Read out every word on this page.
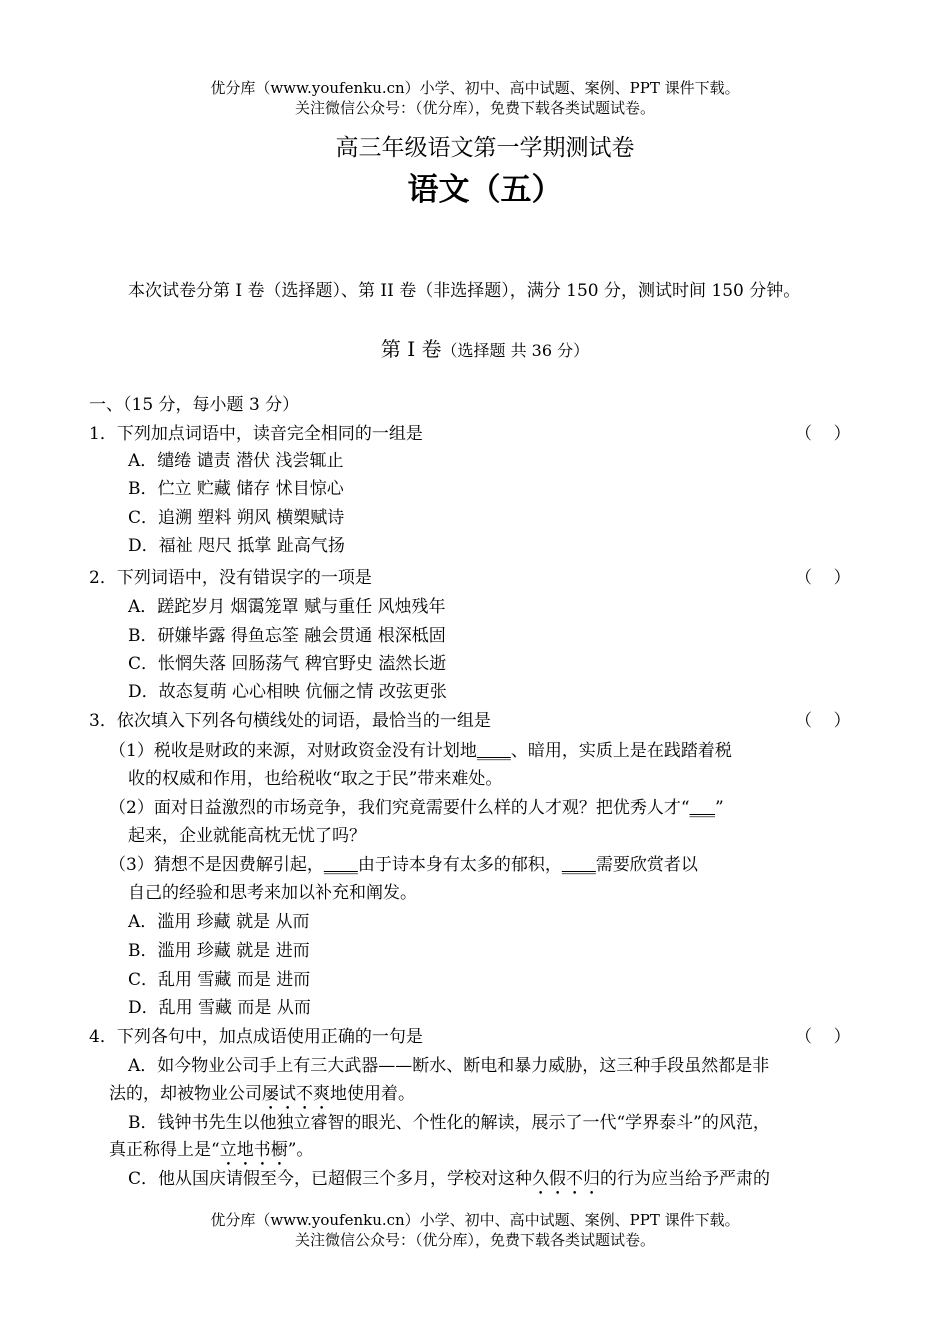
优分库（www.youfenku.cn）小学、初中、高中试题、案例、PPT 课件下载。
关注微信公众号：（优分库），免费下载各类试题试卷。
高三年级语文第一学期测试卷
语文（五）
本次试卷分第 I 卷（选择题）、第 II 卷（非选择题），满分 150 分，测试时间 150 分钟。
第 I 卷（选择题 共 36 分）
一、（15 分，每小题 3 分）
1．下列加点词语中，读音完全相同的一组是	（    ）
A．缱绻 谴责 潜伏 浅尝辄止
B．伫立 贮藏 储存 怵目惊心
C．追溯 塑料 朔风 横槊赋诗
D．福祉 咫尺 抵掌 趾高气扬
2．下列词语中，没有错误字的一项是	（    ）
A．蹉跎岁月 烟霭笼罩 赋与重任 风烛残年
B．研嫌毕露 得鱼忘筌 融会贯通 根深柢固
C．怅惘失落 回肠荡气 稗官野史 溘然长逝
D．故态复萌 心心相映 伉俪之情 改弦更张
3．依次填入下列各句横线处的词语，最恰当的一组是	（    ）
（1）税收是财政的来源，对财政资金没有计划地____、暗用，实质上是在践踏着税
收的权威和作用，也给税收“取之于民”带来难处。
（2）面对日益激烈的市场竞争，我们究竟需要什么样的人才观？把优秀人才“___”
起来，企业就能高枕无忧了吗？
（3）猜想不是因费解引起，____由于诗本身有太多的郁积，____需要欣赏者以
自己的经验和思考来加以补充和阐发。
A．滥用 珍藏 就是 从而
B．滥用 珍藏 就是 进而
C．乱用 雪藏 而是 进而
D．乱用 雪藏 而是 从而
4．下列各句中，加点成语使用正确的一句是	（    ）
A．如今物业公司手上有三大武器——断水、断电和暴力威胁，这三种手段虽然都是非
法的，却被物业公司屡试不爽地使用着。
B．钱钟书先生以他独立睿智的眼光、个性化的解读，展示了一代“学界泰斗”的风范，
真正称得上是“立地书橱”。
C．他从国庆请假至今，已超假三个多月，学校对这种久假不归的行为应当给予严肃的
优分库（www.youfenku.cn）小学、初中、高中试题、案例、PPT 课件下载。
关注微信公众号：（优分库），免费下载各类试题试卷。
